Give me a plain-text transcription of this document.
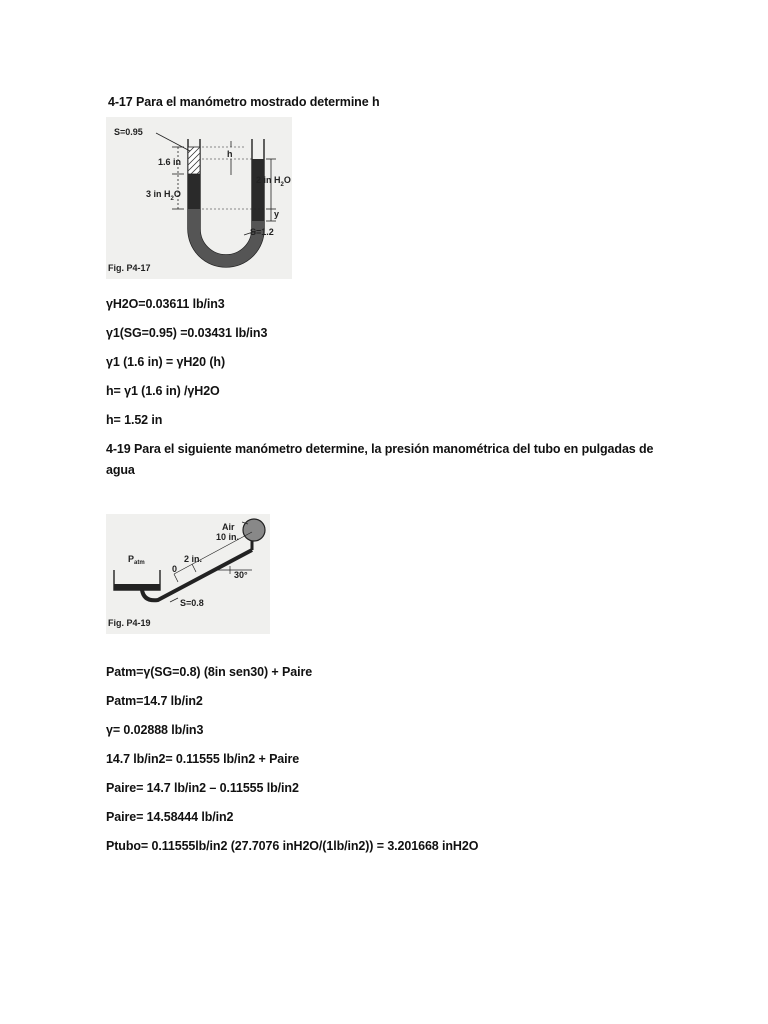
4-17 Para el manómetro mostrado determine h
S=0.95
1.6 in
3 in $H_2O$
h
2 in $H_2O$
y
S=1.2
Fig. P4-17
γH2O=0.03611 lb/in3
γ1(SG=0.95) =0.03431 lb/in3
γ1 (1.6 in) = γH20 (h)
h= γ1 (1.6 in) /γH2O
h= 1.52 in
4-19 Para el siguiente manómetro determine, la presión manométrica del tubo en pulgadas de agua
$P_{atm}$
Air
10 in.
2 in.
0
30°
S=0.8
Fig. P4-19
Patm=γ(SG=0.8) (8in sen30) + Paire
Patm=14.7 lb/in2
γ= 0.02888 lb/in3
14.7 lb/in2= 0.11555 lb/in2 + Paire
Paire= 14.7 lb/in2 – 0.11555 lb/in2
Paire= 14.58444 lb/in2
Ptubo= 0.11555lb/in2 (27.7076 inH2O/(1lb/in2)) = 3.201668 inH2O
